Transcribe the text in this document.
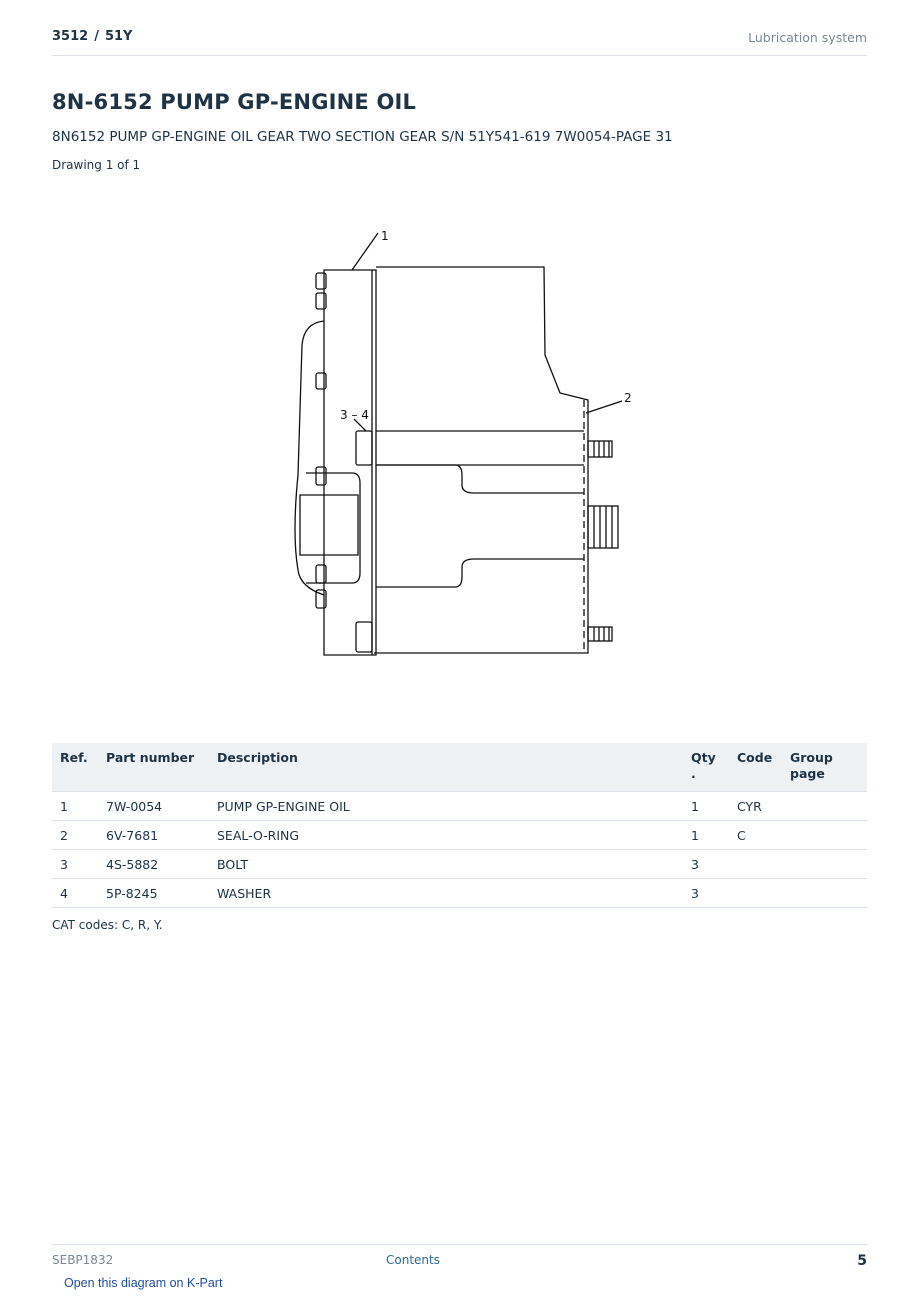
3512 / 51Y	Lubrication system
8N-6152 PUMP GP-ENGINE OIL
8N6152 PUMP GP-ENGINE OIL GEAR TWO SECTION GEAR S/N 51Y541-619 7W0054-PAGE 31
Drawing 1 of 1
1
2
3 – 4
Ref.	Part number	Description	Qty .	Code	Group page
1	7W-0054	PUMP GP-ENGINE OIL	1	CYR	
2	6V-7681	SEAL-O-RING	1	C	
3	4S-5882	BOLT	3		
4	5P-8245	WASHER	3		
CAT codes: C, R, Y.
SEBP1832	Contents	5
Open this diagram on K-Part
